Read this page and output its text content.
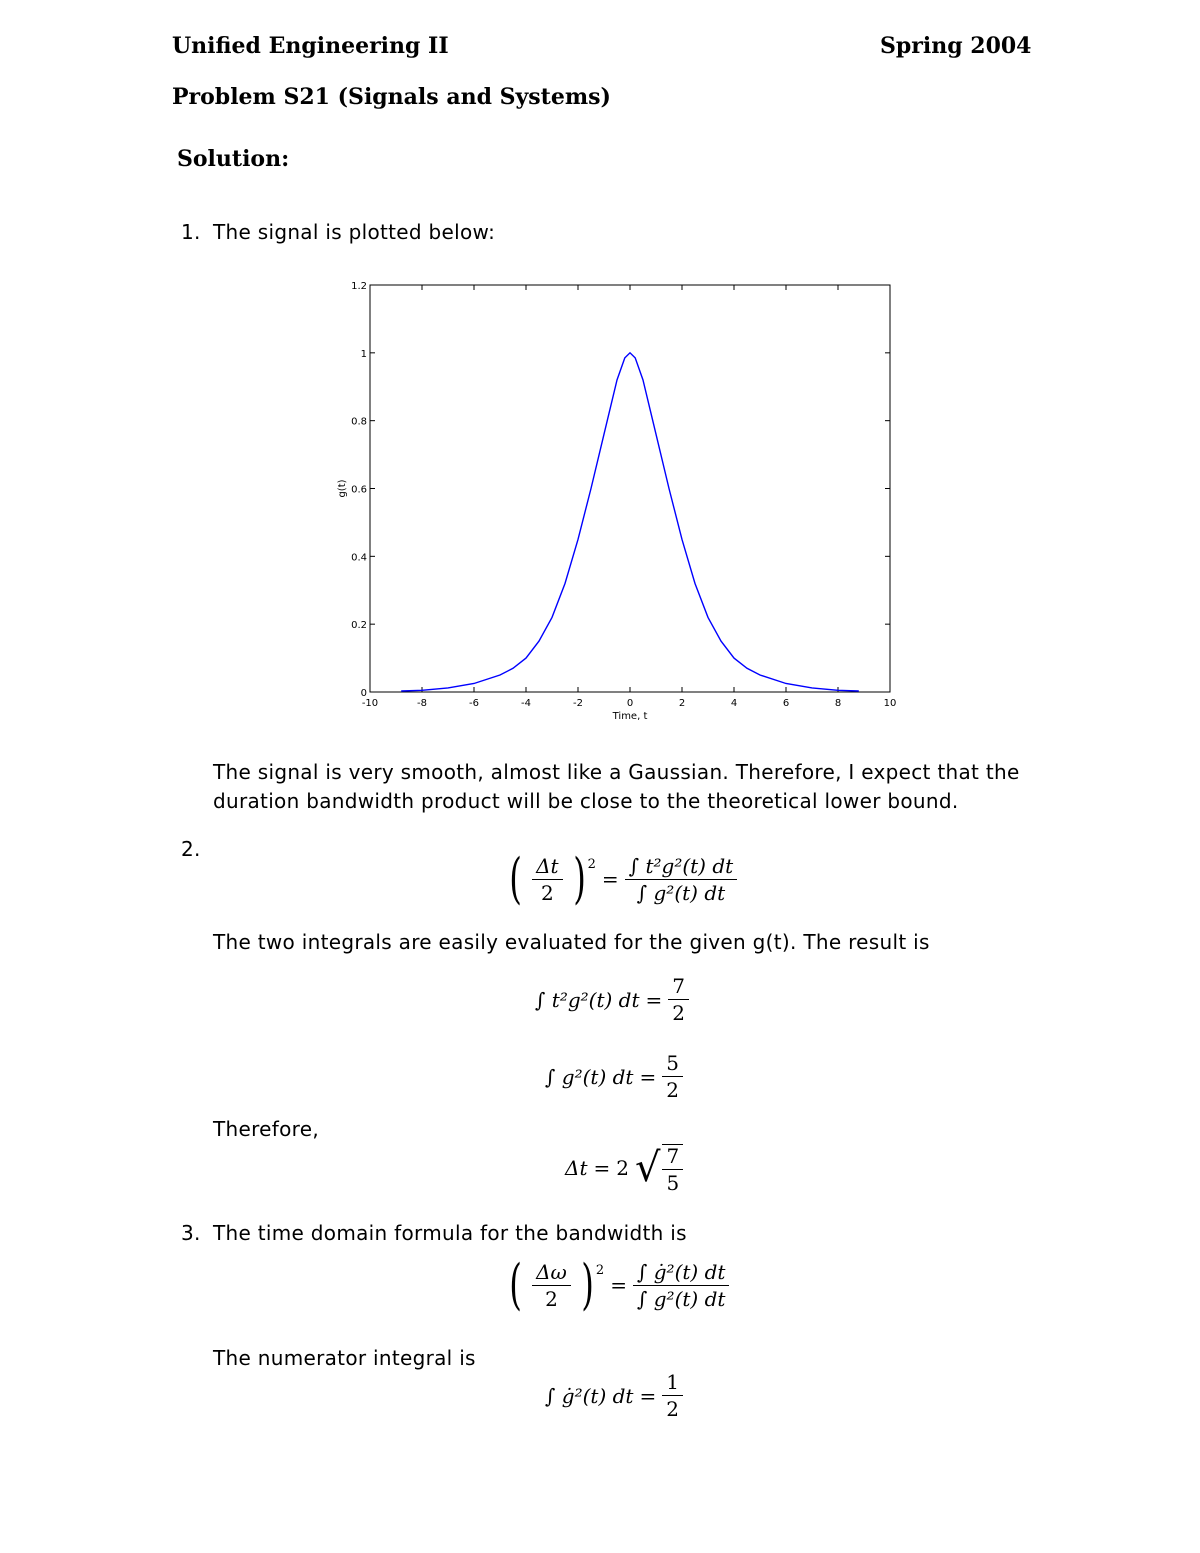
Unified Engineering II	Spring 2004
Problem S21 (Signals and Systems)
Solution:
1. The signal is plotted below:
-10	-8	-6	-4	-2	0	2	4	6	8	10
0
0.2
0.4
0.6
0.8
1
1.2
Time, t
g(t)
The signal is very smooth, almost like a Gaussian. Therefore, I expect that the
duration bandwidth product will be close to the theoretical lower bound.
2.	( $\frac{\Delta t}{2} )^2$
= $\frac{\text{∫ t²g²(t) dt}}{\text{∫ g²(t) dt}}$
The two integrals are easily evaluated for the given g(t). The result is
∫ t²g²(t) dt = $\frac{7}{2}$
∫ g²(t) dt = $\frac{5}{2}$
Therefore,
Δt = 2 √ $\frac{7}{5}$
3. The time domain formula for the bandwidth is
( $\frac{\Delta\omega}{2} )^2$
= $\frac{\text{∫ ġ²(t) dt}}{\text{∫ g²(t) dt}}$
The numerator integral is
∫ ġ²(t) dt = $\frac{1}{2}$
